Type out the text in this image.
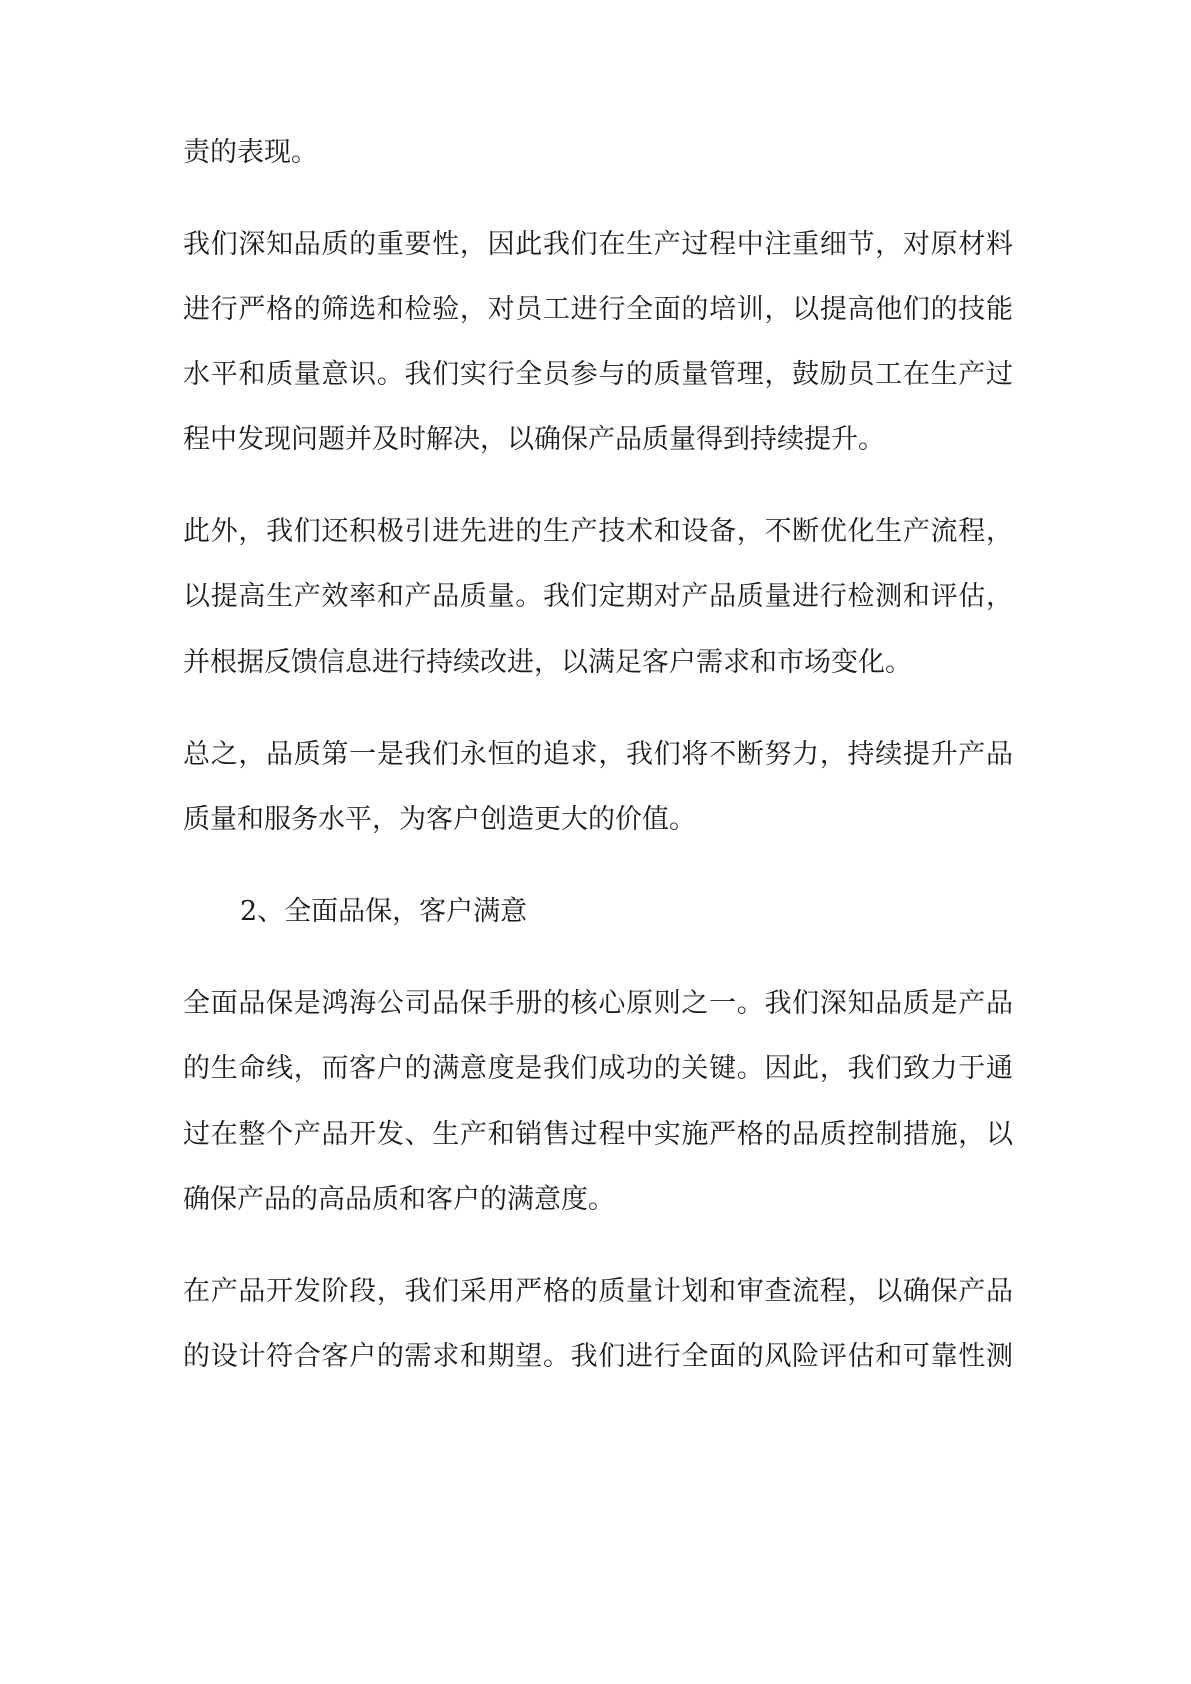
责的表现。
我们深知品质的重要性，因此我们在生产过程中注重细节，对原材料
进行严格的筛选和检验，对员工进行全面的培训，以提高他们的技能
水平和质量意识。我们实行全员参与的质量管理，鼓励员工在生产过
程中发现问题并及时解决，以确保产品质量得到持续提升。
此外，我们还积极引进先进的生产技术和设备，不断优化生产流程，
以提高生产效率和产品质量。我们定期对产品质量进行检测和评估，
并根据反馈信息进行持续改进，以满足客户需求和市场变化。
总之，品质第一是我们永恒的追求，我们将不断努力，持续提升产品
质量和服务水平，为客户创造更大的价值。
2、全面品保，客户满意
全面品保是鸿海公司品保手册的核心原则之一。我们深知品质是产品
的生命线，而客户的满意度是我们成功的关键。因此，我们致力于通
过在整个产品开发、生产和销售过程中实施严格的品质控制措施，以
确保产品的高品质和客户的满意度。
在产品开发阶段，我们采用严格的质量计划和审查流程，以确保产品
的设计符合客户的需求和期望。我们进行全面的风险评估和可靠性测
